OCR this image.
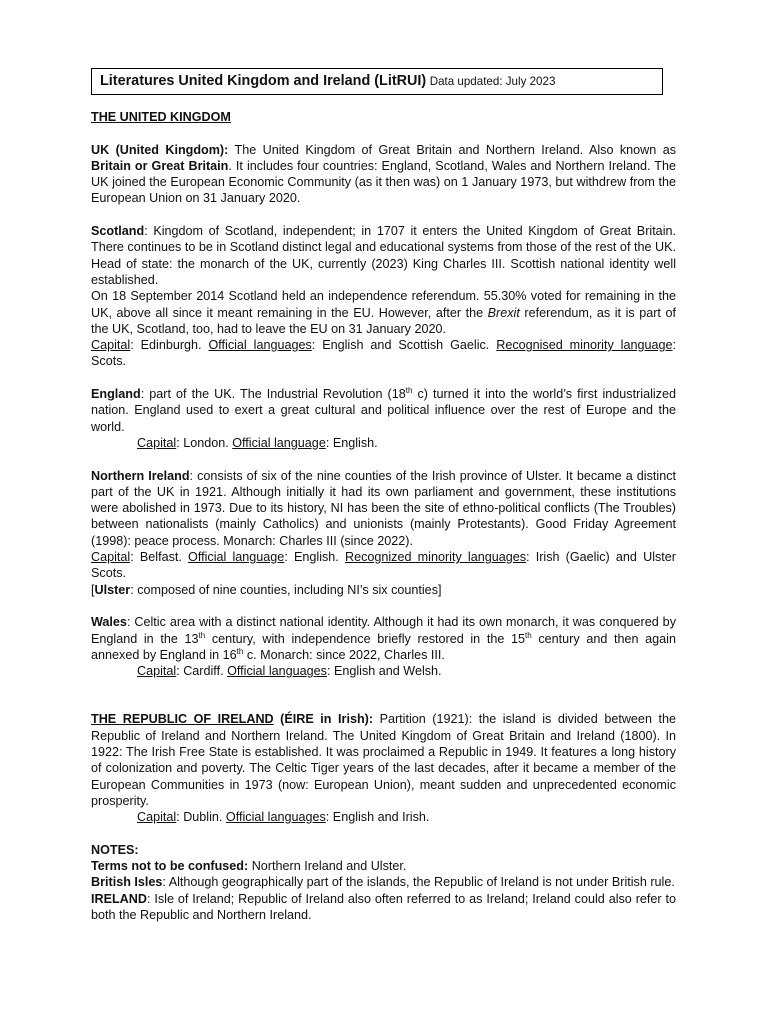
Literatures United Kingdom and Ireland (LitRUI) Data updated: July 2023

THE UNITED KINGDOM

UK (United Kingdom): The United Kingdom of Great Britain and Northern Ireland. Also known as Britain or Great Britain. It includes four countries: England, Scotland, Wales and Northern Ireland. The UK joined the European Economic Community (as it then was) on 1 January 1973, but withdrew from the European Union on 31 January 2020.

Scotland: Kingdom of Scotland, independent; in 1707 it enters the United Kingdom of Great Britain. There continues to be in Scotland distinct legal and educational systems from those of the rest of the UK. Head of state: the monarch of the UK, currently (2023) King Charles III. Scottish national identity well established.

On 18 September 2014 Scotland held an independence referendum. 55.30% voted for remaining in the UK, above all since it meant remaining in the EU. However, after the Brexit referendum, as it is part of the UK, Scotland, too, had to leave the EU on 31 January 2020.

Capital: Edinburgh. Official languages: English and Scottish Gaelic. Recognised minority language: Scots.

England: part of the UK. The Industrial Revolution (18th c) turned it into the world’s first industrialized nation. England used to exert a great cultural and political influence over the rest of Europe and the world.

Capital: London. Official language: English.

Northern Ireland: consists of six of the nine counties of the Irish province of Ulster. It became a distinct part of the UK in 1921. Although initially it had its own parliament and government, these institutions were abolished in 1973. Due to its history, NI has been the site of ethno-political conflicts (The Troubles) between nationalists (mainly Catholics) and unionists (mainly Protestants). Good Friday Agreement (1998): peace process. Monarch: Charles III (since 2022).

Capital: Belfast. Official language: English. Recognized minority languages: Irish (Gaelic) and Ulster Scots.

[Ulster: composed of nine counties, including NI’s six counties]

Wales: Celtic area with a distinct national identity. Although it had its own monarch, it was conquered by England in the 13th century, with independence briefly restored in the 15th century and then again annexed by England in 16th c. Monarch: since 2022, Charles III.

Capital: Cardiff. Official languages: English and Welsh.

THE REPUBLIC OF IRELAND (ÉIRE in Irish): Partition (1921): the island is divided between the Republic of Ireland and Northern Ireland. The United Kingdom of Great Britain and Ireland (1800). In 1922: The Irish Free State is established. It was proclaimed a Republic in 1949. It features a long history of colonization and poverty. The Celtic Tiger years of the last decades, after it became a member of the European Communities in 1973 (now: European Union), meant sudden and unprecedented economic prosperity.

Capital: Dublin. Official languages: English and Irish.

NOTES:

Terms not to be confused: Northern Ireland and Ulster.

British Isles: Although geographically part of the islands, the Republic of Ireland is not under British rule.

IRELAND: Isle of Ireland; Republic of Ireland also often referred to as Ireland; Ireland could also refer to both the Republic and Northern Ireland.
